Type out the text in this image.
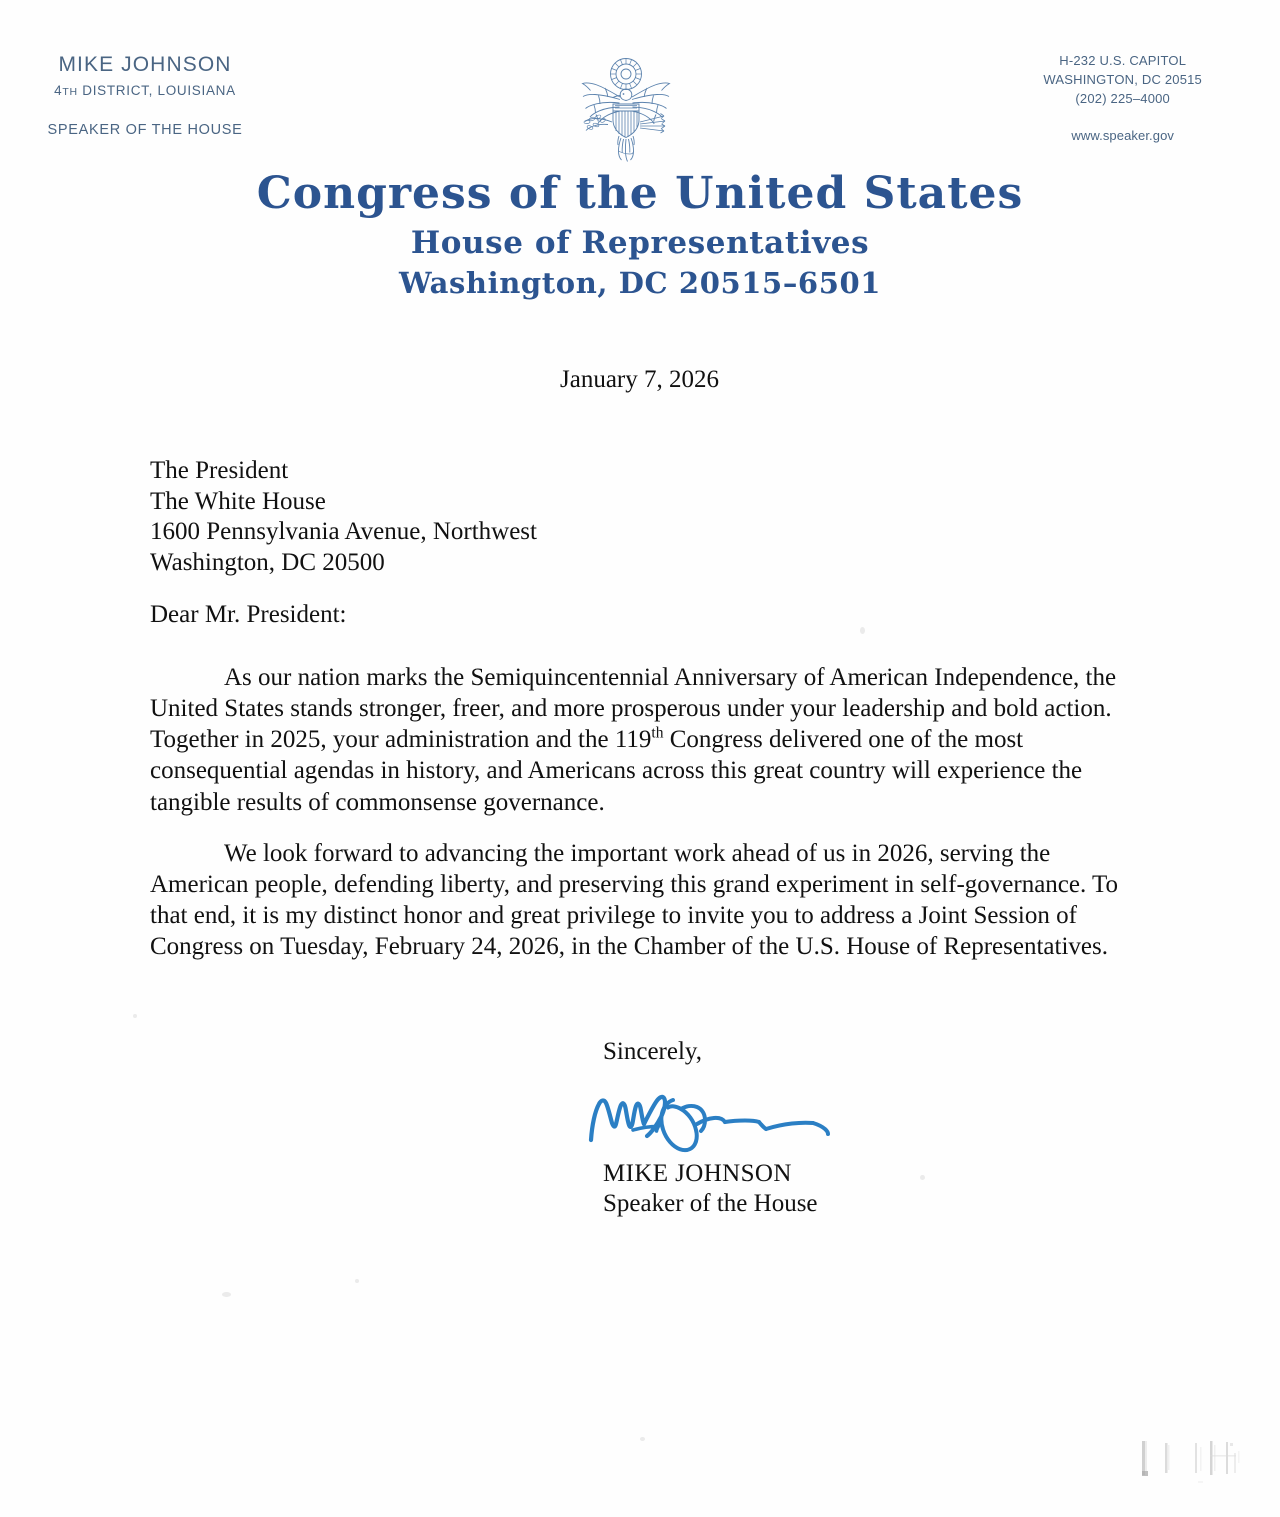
MIKE JOHNSON
4TH DISTRICT, LOUISIANA
SPEAKER OF THE HOUSE
H-232 U.S. CAPITOL
WASHINGTON, DC 20515
(202) 225–4000
www.speaker.gov
Congress of the United States
House of Representatives
Washington, DC 20515–6501
January 7, 2026
The President
The White House
1600 Pennsylvania Avenue, Northwest
Washington, DC 20500
Dear Mr. President:
As our nation marks the Semiquincentennial Anniversary of American Independence, the United States stands stronger, freer, and more prosperous under your leadership and bold action. Together in 2025, your administration and the 119th Congress delivered one of the most consequential agendas in history, and Americans across this great country will experience the tangible results of commonsense governance.
We look forward to advancing the important work ahead of us in 2026, serving the American people, defending liberty, and preserving this grand experiment in self-governance. To that end, it is my distinct honor and great privilege to invite you to address a Joint Session of Congress on Tuesday, February 24, 2026, in the Chamber of the U.S. House of Representatives.
Sincerely,
MIKE JOHNSON
Speaker of the House
